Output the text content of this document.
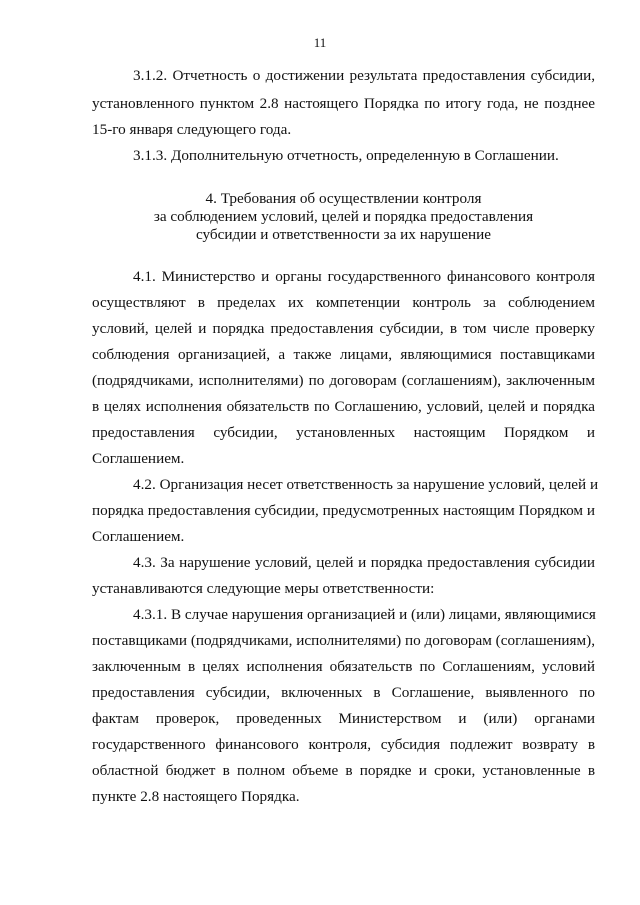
11
3.1.2. Отчетность о достижении результата предоставления субсидии,
установленного пунктом 2.8 настоящего Порядка по итогу года, не позднее
15-го января следующего года.
3.1.3. Дополнительную отчетность, определенную в Соглашении.
4. Требования об осуществлении контроля
за соблюдением условий, целей и порядка предоставления
субсидии и ответственности за их нарушение
4.1. Министерство и органы государственного финансового контроля
осуществляют в пределах их компетенции контроль за соблюдением
условий, целей и порядка предоставления субсидии, в том числе проверку
соблюдения организацией, а также лицами, являющимися поставщиками
(подрядчиками, исполнителями) по договорам (соглашениям), заключенным
в целях исполнения обязательств по Соглашению, условий, целей и порядка
предоставления субсидии, установленных настоящим Порядком и
Соглашением.
4.2. Организация несет ответственность за нарушение условий, целей и
порядка предоставления субсидии, предусмотренных настоящим Порядком и
Соглашением.
4.3. За нарушение условий, целей и порядка предоставления субсидии
устанавливаются следующие меры ответственности:
4.3.1. В случае нарушения организацией и (или) лицами, являющимися
поставщиками (подрядчиками, исполнителями) по договорам (соглашениям),
заключенным в целях исполнения обязательств по Соглашениям, условий
предоставления субсидии, включенных в Соглашение, выявленного по
фактам проверок, проведенных Министерством и (или) органами
государственного финансового контроля, субсидия подлежит возврату в
областной бюджет в полном объеме в порядке и сроки, установленные в
пункте 2.8 настоящего Порядка.
